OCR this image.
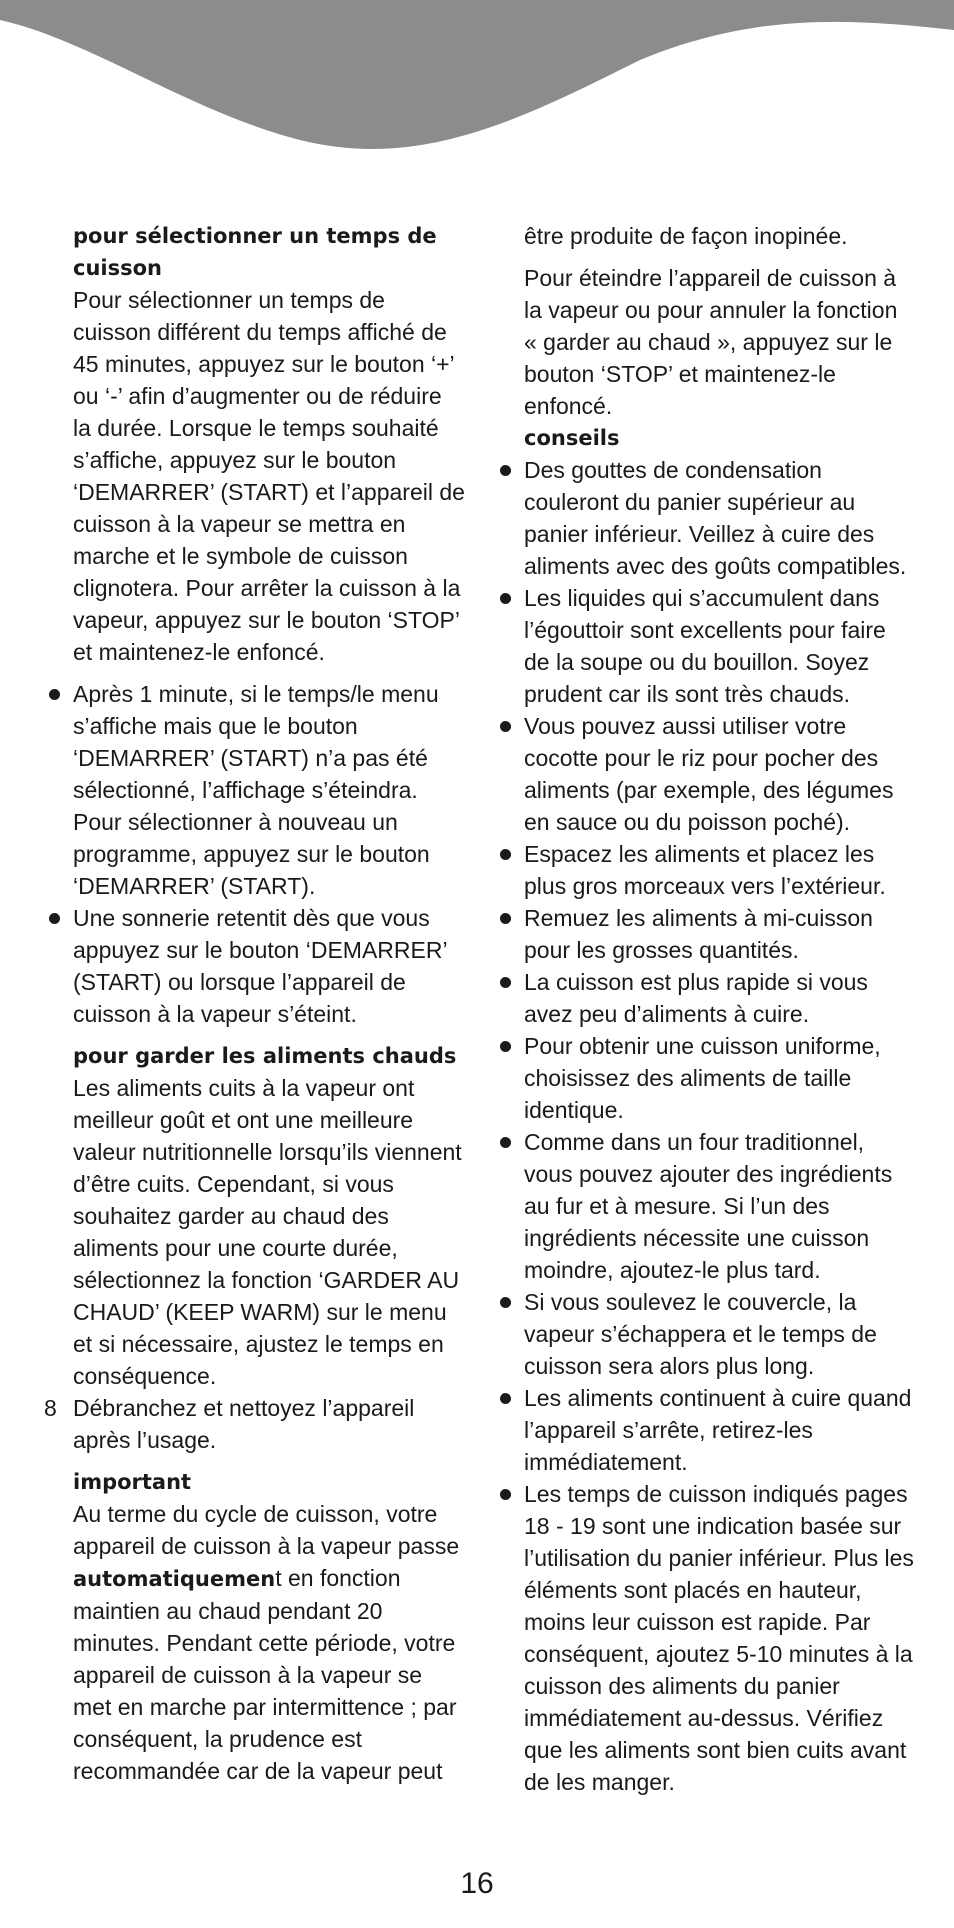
pour sélectionner un temps de cuisson

Pour sélectionner un temps de cuisson différent du temps affiché de 45 minutes, appuyez sur le bouton ‘+’ ou ‘-’ afin d’augmenter ou de réduire la durée. Lorsque le temps souhaité s’affiche, appuyez sur le bouton ‘DEMARRER’ (START) et l’appareil de cuisson à la vapeur se mettra en marche et le symbole de cuisson clignotera. Pour arrêter la cuisson à la vapeur, appuyez sur le bouton ‘STOP’ et maintenez-le enfoncé.

Après 1 minute, si le temps/le menu s’affiche mais que le bouton ‘DEMARRER’ (START) n’a pas été sélectionné, l’affichage s’éteindra. Pour sélectionner à nouveau un programme, appuyez sur le bouton ‘DEMARRER’ (START).

Une sonnerie retentit dès que vous appuyez sur le bouton ‘DEMARRER’ (START) ou lorsque l’appareil de cuisson à la vapeur s’éteint.

pour garder les aliments chauds

Les aliments cuits à la vapeur ont meilleur goût et ont une meilleure valeur nutritionnelle lorsqu’ils viennent d’être cuits. Cependant, si vous souhaitez garder au chaud des aliments pour une courte durée, sélectionnez la fonction ‘GARDER AU CHAUD’ (KEEP WARM) sur le menu et si nécessaire, ajustez le temps en conséquence.

8 Débranchez et nettoyez l’appareil après l’usage.

important

Au terme du cycle de cuisson, votre appareil de cuisson à la vapeur passe automatiquement en fonction maintien au chaud pendant 20 minutes. Pendant cette période, votre appareil de cuisson à la vapeur se met en marche par intermittence ; par conséquent, la prudence est recommandée car de la vapeur peut

être produite de façon inopinée.

Pour éteindre l’appareil de cuisson à la vapeur ou pour annuler la fonction « garder au chaud », appuyez sur le bouton ‘STOP’ et maintenez-le enfoncé.

conseils

Des gouttes de condensation couleront du panier supérieur au panier inférieur. Veillez à cuire des aliments avec des goûts compatibles.

Les liquides qui s’accumulent dans l’égouttoir sont excellents pour faire de la soupe ou du bouillon. Soyez prudent car ils sont très chauds.

Vous pouvez aussi utiliser votre cocotte pour le riz pour pocher des aliments (par exemple, des légumes en sauce ou du poisson poché).

Espacez les aliments et placez les plus gros morceaux vers l’extérieur.

Remuez les aliments à mi-cuisson pour les grosses quantités.

La cuisson est plus rapide si vous avez peu d’aliments à cuire.

Pour obtenir une cuisson uniforme, choisissez des aliments de taille identique.

Comme dans un four traditionnel, vous pouvez ajouter des ingrédients au fur et à mesure. Si l’un des ingrédients nécessite une cuisson moindre, ajoutez-le plus tard.

Si vous soulevez le couvercle, la vapeur s’échappera et le temps de cuisson sera alors plus long.

Les aliments continuent à cuire quand l’appareil s’arrête, retirez-les immédiatement.

Les temps de cuisson indiqués pages 18 - 19 sont une indication basée sur l’utilisation du panier inférieur. Plus les éléments sont placés en hauteur, moins leur cuisson est rapide. Par conséquent, ajoutez 5-10 minutes à la cuisson des aliments du panier immédiatement au-dessus. Vérifiez que les aliments sont bien cuits avant de les manger.

16
